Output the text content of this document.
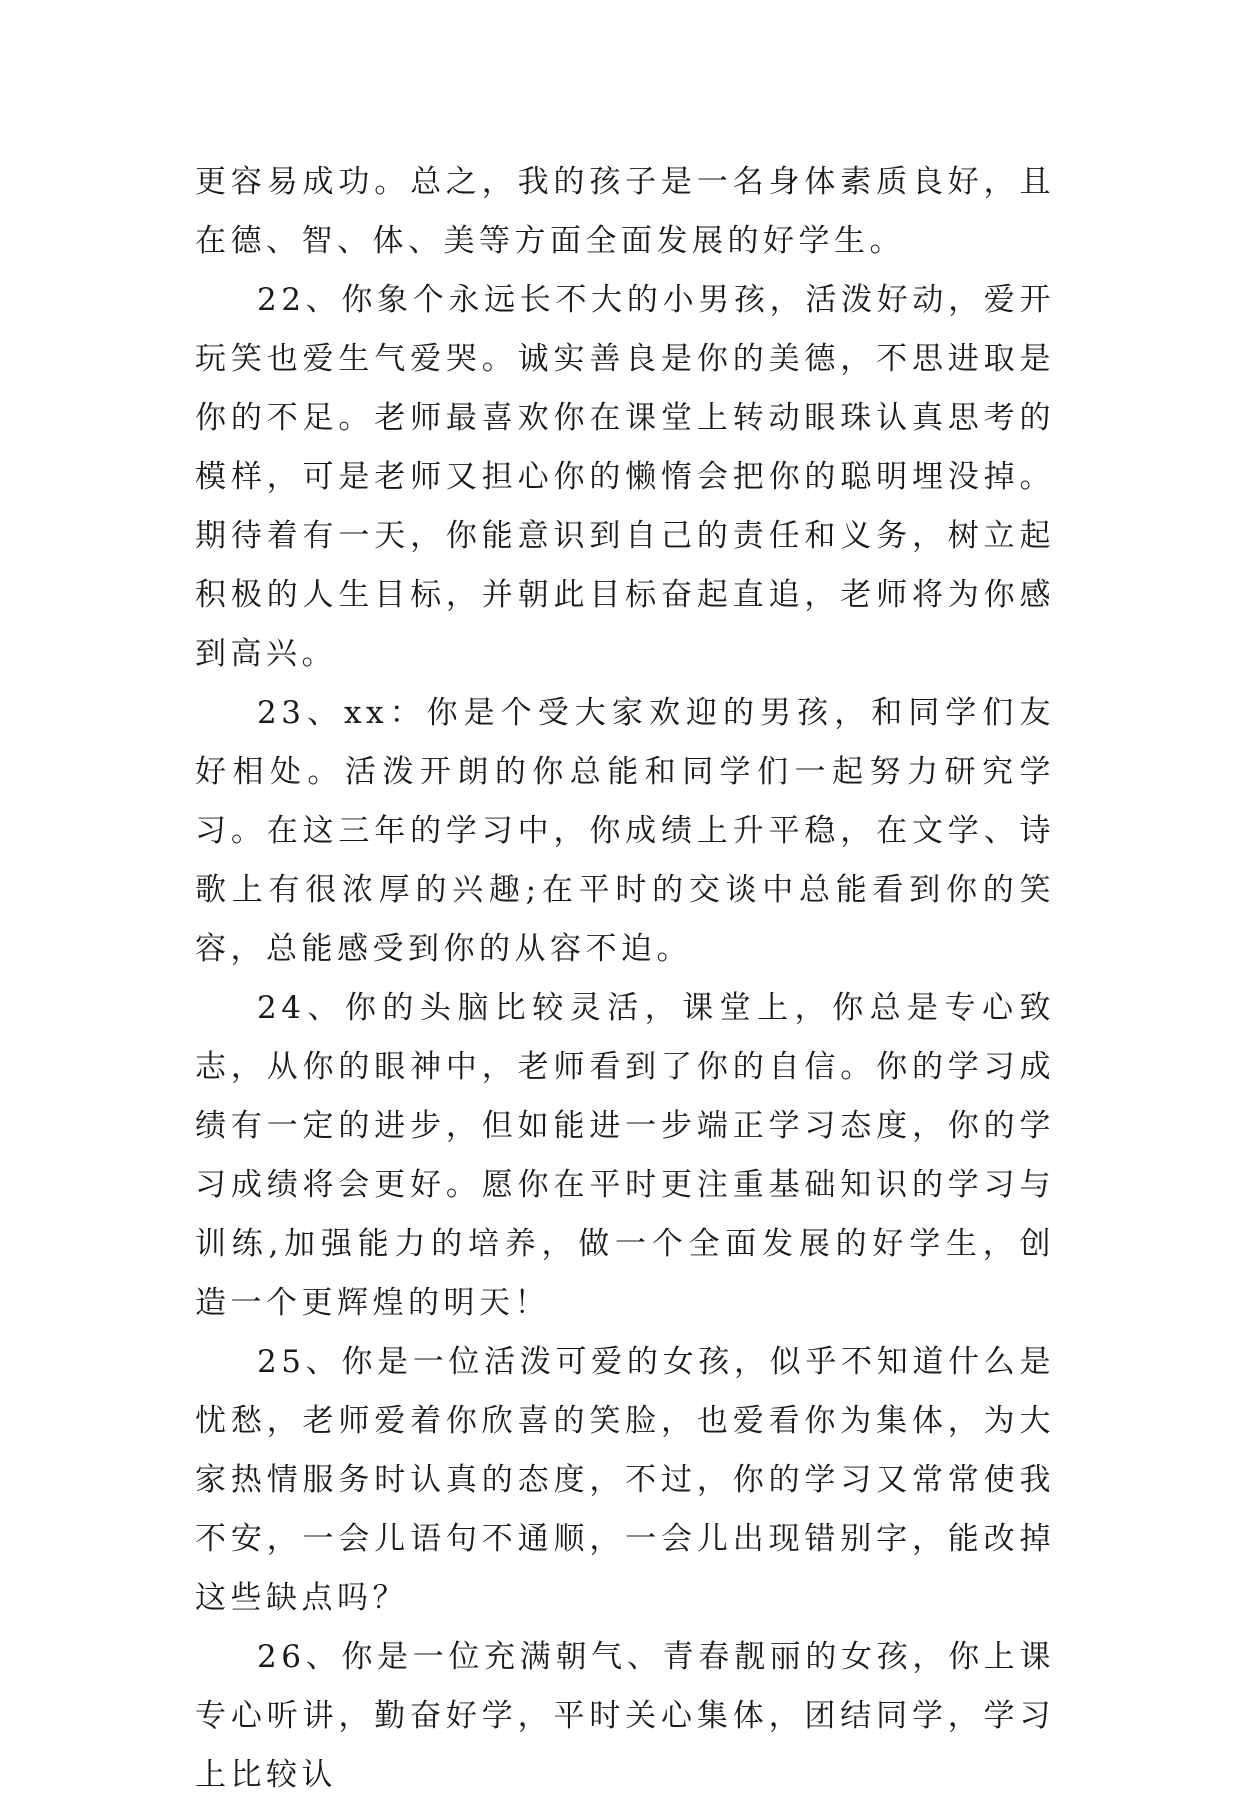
更容易成功。总之，我的孩子是一名身体素质良好，且在德、智、体、美等方面全面发展的好学生。

22、你象个永远长不大的小男孩，活泼好动，爱开玩笑也爱生气爱哭。诚实善良是你的美德，不思进取是你的不足。老师最喜欢你在课堂上转动眼珠认真思考的模样，可是老师又担心你的懒惰会把你的聪明埋没掉。期待着有一天，你能意识到自己的责任和义务，树立起积极的人生目标，并朝此目标奋起直追，老师将为你感到高兴。

23、xx：你是个受大家欢迎的男孩，和同学们友好相处。活泼开朗的你总能和同学们一起努力研究学习。在这三年的学习中，你成绩上升平稳，在文学、诗歌上有很浓厚的兴趣;在平时的交谈中总能看到你的笑容，总能感受到你的从容不迫。

24、你的头脑比较灵活，课堂上，你总是专心致志，从你的眼神中，老师看到了你的自信。你的学习成绩有一定的进步，但如能进一步端正学习态度，你的学习成绩将会更好。愿你在平时更注重基础知识的学习与训练,加强能力的培养，做一个全面发展的好学生，创造一个更辉煌的明天！

25、你是一位活泼可爱的女孩，似乎不知道什么是忧愁，老师爱着你欣喜的笑脸，也爱看你为集体，为大家热情服务时认真的态度，不过，你的学习又常常使我不安，一会儿语句不通顺，一会儿出现错别字，能改掉这些缺点吗？

26、你是一位充满朝气、青春靓丽的女孩，你上课专心听讲，勤奋好学，平时关心集体，团结同学，学习上比较认
